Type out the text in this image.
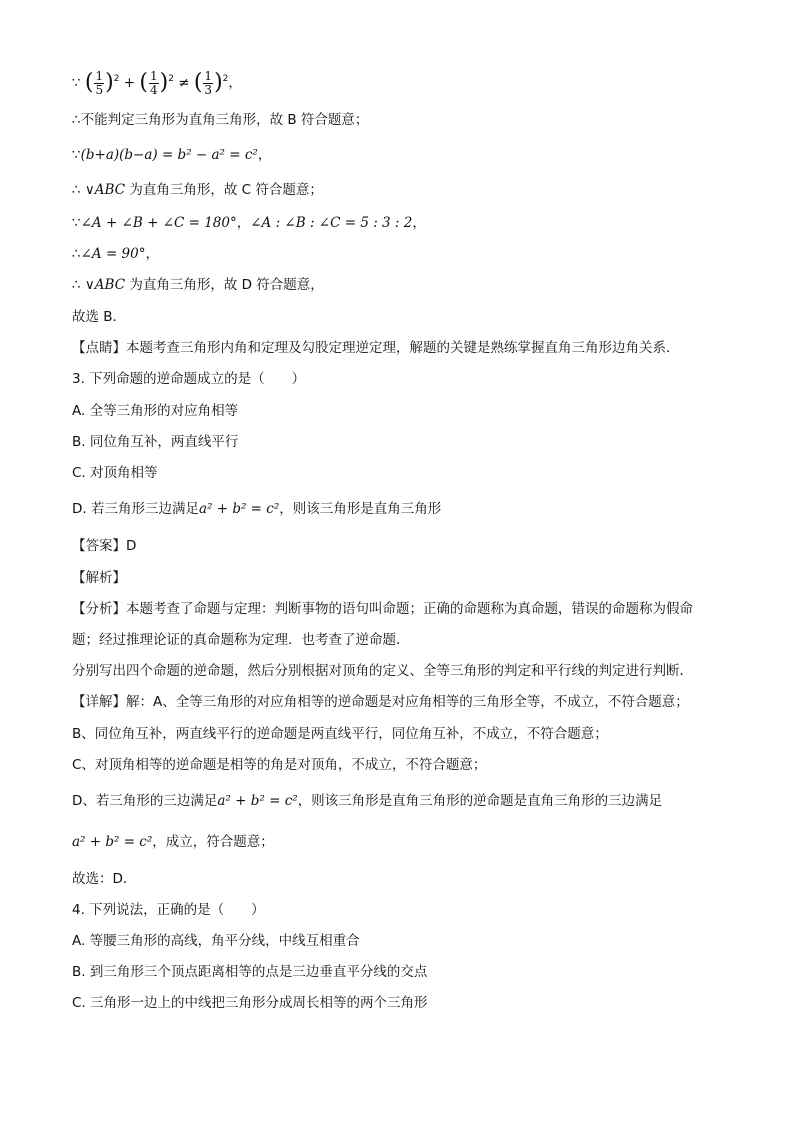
∵ ( $\frac{1}{5} )^2$ + ( $\frac{1}{4} )^2$ ≠ ( $\frac{1}{3} )^2$，
∴不能判定三角形为直角三角形，故 B 符合题意；
∵(b+a)(b−a) = b² − a² = c²，
∴ ∨ABC 为直角三角形，故 C 符合题意；
∵∠A + ∠B + ∠C = 180°，∠A : ∠B : ∠C = 5 : 3 : 2，
∴∠A = 90°，
∴ ∨ABC 为直角三角形，故 D 符合题意，
故选 B．
【点睛】本题考查三角形内角和定理及勾股定理逆定理，解题的关键是熟练掌握直角三角形边角关系．
3. 下列命题的逆命题成立的是（　　）
A. 全等三角形的对应角相等
B. 同位角互补，两直线平行
C. 对顶角相等
D. 若三角形三边满足a² + b² = c²，则该三角形是直角三角形
【答案】D
【解析】
【分析】本题考查了命题与定理：判断事物的语句叫命题；正确的命题称为真命题，错误的命题称为假命
题；经过推理论证的真命题称为定理．也考查了逆命题．
分别写出四个命题的逆命题，然后分别根据对顶角的定义、全等三角形的判定和平行线的判定进行判断．
【详解】解：A、全等三角形的对应角相等的逆命题是对应角相等的三角形全等，不成立，不符合题意；
B、同位角互补，两直线平行的逆命题是两直线平行，同位角互补，不成立，不符合题意；
C、对顶角相等的逆命题是相等的角是对顶角，不成立，不符合题意；
D、若三角形的三边满足a² + b² = c²，则该三角形是直角三角形的逆命题是直角三角形的三边满足
a² + b² = c²，成立，符合题意；
故选：D．
4. 下列说法，正确的是（　　）
A. 等腰三角形的高线，角平分线，中线互相重合
B. 到三角形三个顶点距离相等的点是三边垂直平分线的交点
C. 三角形一边上的中线把三角形分成周长相等的两个三角形
